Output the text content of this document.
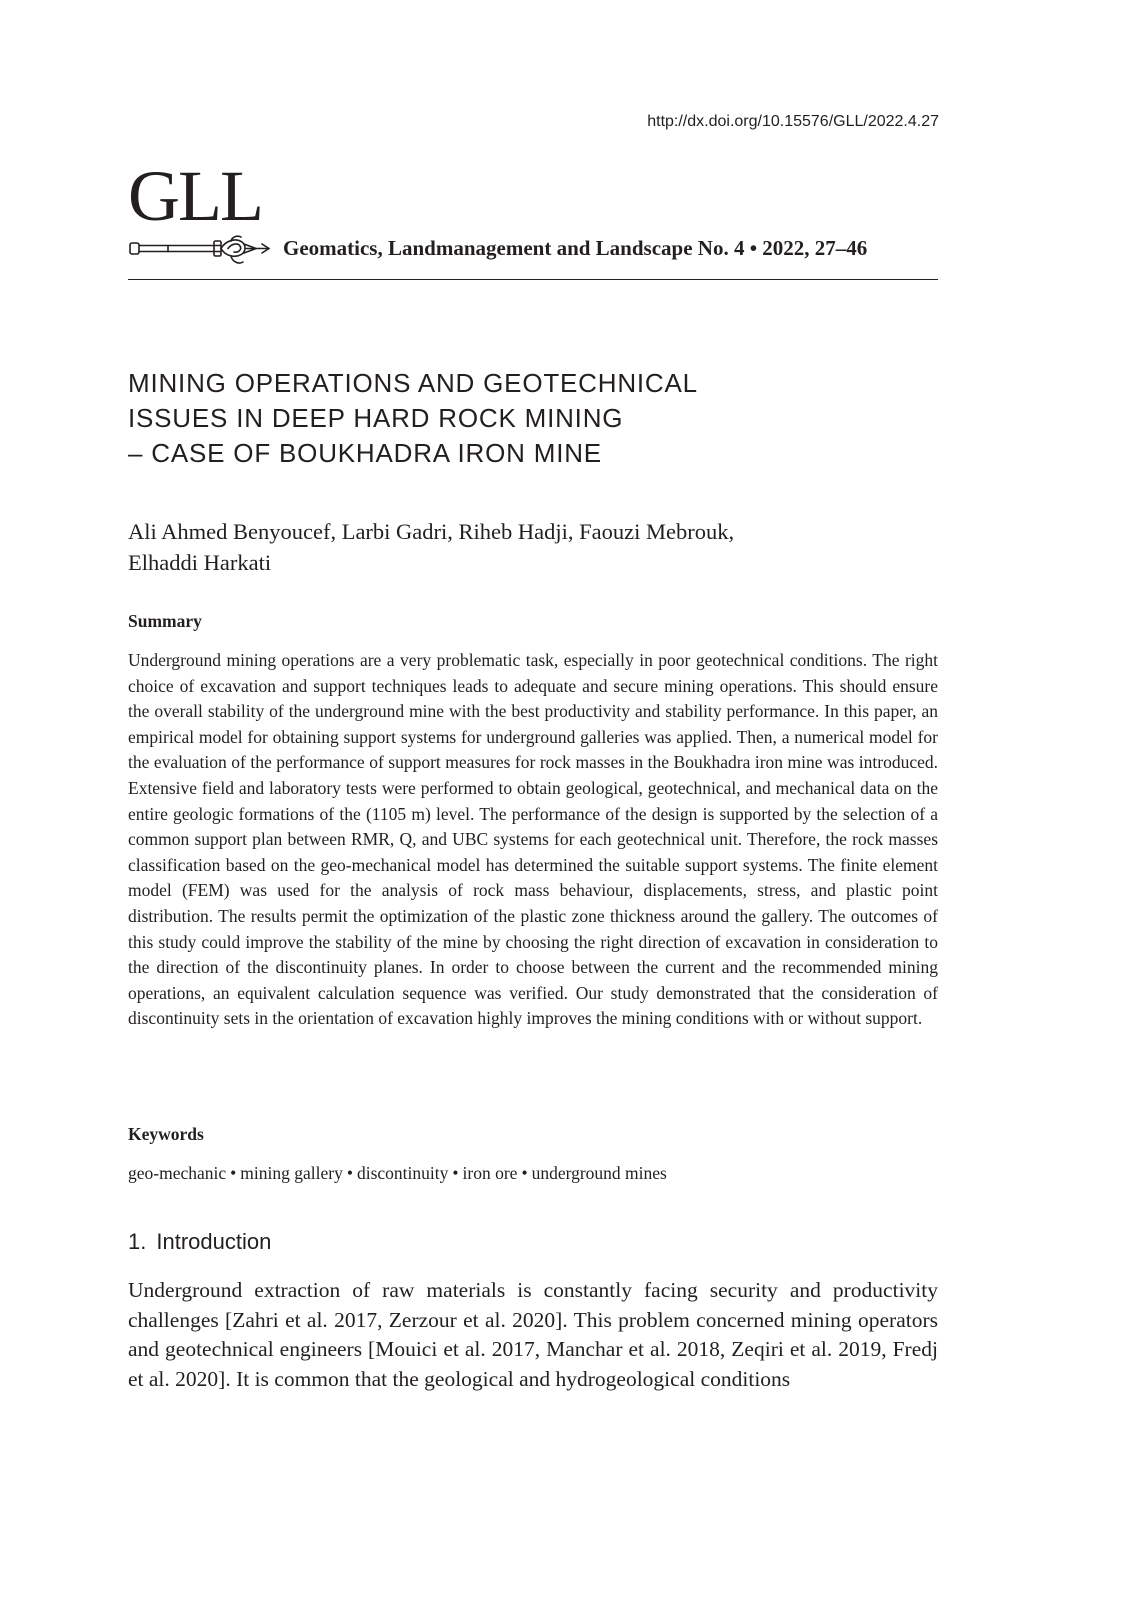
http://dx.doi.org/10.15576/GLL/2022.4.27
GLL
Geomatics, Landmanagement and Landscape No. 4 • 2022, 27–46
MINING OPERATIONS AND GEOTECHNICAL
ISSUES IN DEEP HARD ROCK MINING
– CASE OF BOUKHADRA IRON MINE
Ali Ahmed Benyoucef, Larbi Gadri, Riheb Hadji, Faouzi Mebrouk,
Elhaddi Harkati
Summary
Underground mining operations are a very problematic task, especially in poor geotechnical conditions. The right choice of excavation and support techniques leads to adequate and secure mining operations. This should ensure the overall stability of the underground mine with the best productivity and stability performance. In this paper, an empirical model for obtaining support systems for underground galleries was applied. Then, a numerical model for the evaluation of the performance of support measures for rock masses in the Boukhadra iron mine was introduced. Extensive field and laboratory tests were performed to obtain geological, geotechnical, and mechanical data on the entire geologic formations of the (1105 m) level. The performance of the design is supported by the selection of a common support plan between RMR, Q, and UBC systems for each geotechnical unit. Therefore, the rock masses classification based on the geo-mechanical model has determined the suitable support systems. The finite element model (FEM) was used for the analysis of rock mass behaviour, displacements, stress, and plastic point distribution. The results permit the optimization of the plastic zone thickness around the gallery. The outcomes of this study could improve the stability of the mine by choosing the right direction of excavation in consideration to the direction of the discontinuity planes. In order to choose between the current and the recommended mining operations, an equivalent calculation sequence was verified. Our study demonstrated that the consideration of discontinuity sets in the orientation of excavation highly improves the mining conditions with or without support.
Keywords
geo-mechanic • mining gallery • discontinuity • iron ore • underground mines
1. Introduction
Underground extraction of raw materials is constantly facing security and productivity challenges [Zahri et al. 2017, Zerzour et al. 2020]. This problem concerned mining operators and geotechnical engineers [Mouici et al. 2017, Manchar et al. 2018, Zeqiri et al. 2019, Fredj et al. 2020]. It is common that the geological and hydrogeological conditions
